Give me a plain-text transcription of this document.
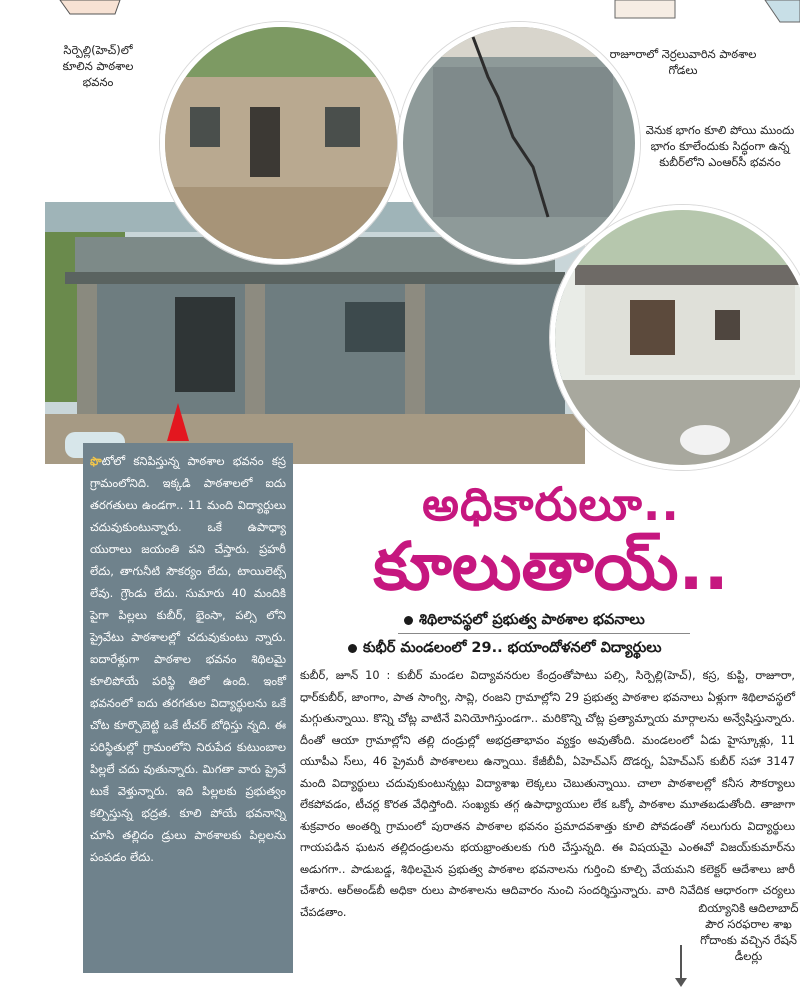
సిర్పెల్లి(హెచ్)లో కూలిన పాఠశాల భవనం
రాజూరాలో నెర్రలువారిన పాఠశాల గోడలు
వెనుక భాగం కూలి పోయి ముందు భాగం కూలేందుకు సిద్ధంగా ఉన్న కుబీర్‌లోని ఎంఆర్‌సీ భవనం
బియ్యానికి ఆదిలాబాద్ పౌర సరఫరాల శాఖ గోదాంకు వచ్చిన రేషన్ డీలర్లు
ఫొటోలో కనిపిస్తున్న పాఠశాల భవనం కస్ర గ్రామంలోనిది. ఇక్కడి పాఠశాలలో ఐదు తరగతులు ఉండగా.. 11 మంది విద్యార్థులు చదువుకుంటున్నారు. ఒకే ఉపాధ్యా యురాలు జయంతి పని చేస్తారు. ప్రహరీ లేదు, తాగునీటి సౌకర్యం లేదు, టాయిలెట్స్ లేవు. గ్రౌండు లేదు. సుమారు 40 మందికి పైగా పిల్లలు కుబీర్, భైంసా, పల్సి లోని ప్రైవేటు పాఠశాలల్లో చదువుకుంటు న్నారు. ఐదారేళ్లుగా పాఠశాల భవనం శిథిలమై కూలిపోయే పరిస్థి తిలో ఉంది. ఇంకో భవనంలో ఐదు తరగతుల విద్యార్థులను ఒకే చోట కూర్చొబెట్టి ఒకే టీచర్ బోధిస్తు న్నది. ఈ పరిస్థితుల్లో గ్రామంలోని నిరుపేద కుటుంబాల పిల్లలే చదు వుతున్నారు. మిగతా వారు ప్రైవే టుకే వెళ్తున్నారు. ఇది పిల్లలకు ప్రభుత్వం కల్పిస్తున్న భద్రత. కూలి పోయే భవనాన్ని చూసి తల్లిదం డ్రులు పాఠశాలకు పిల్లలను పంపడం లేదు.
అధికారులూ..
కూలుతాయ్..
శిథిలావస్థలో ప్రభుత్వ పాఠశాల భవనాలు
కుభీర్ మండలంలో 29.. భయాందోళనలో విద్యార్థులు
కుబీర్, జూన్ 10 : కుబీర్ మండల విద్యావనరుల కేంద్రంతోపాటు పల్సి, సిర్పెల్లి(హెచ్), కస్ర, కుప్టి, రాజూరా, ధార్‌కుబీర్, జాంగాం, పాత సాంగ్వి, సావ్లి, రంజని గ్రామాల్లోని 29 ప్రభుత్వ పాఠశాల భవనాలు ఏళ్లుగా శిథిలావస్థలో మగ్గుతున్నాయి. కొన్ని చోట్ల వాటినే వినియోగిస్తుండగా.. మరికొన్ని చోట్ల ప్రత్యామ్నాయ మార్గాలను అన్వేషిస్తున్నారు. దీంతో ఆయా గ్రామాల్లోని తల్లి దండ్రుల్లో అభద్రతాభావం వ్యక్తం అవుతోంది. మండలంలో ఏడు హైస్కూళ్లు, 11 యూపీఎ స్‌లు, 46 ప్రైమరీ పాఠశాలలు ఉన్నాయి. కేజీబీవీ, ఏహెచ్‌ఎస్ దొడర్న, ఏహెచ్‌ఎస్ కుబీర్ సహా 3147 మంది విద్యార్థులు చదువుకుంటున్నట్లు విద్యాశాఖ లెక్కలు చెబుతున్నాయి. చాలా పాఠశాలల్లో కనీస సౌకర్యాలు లేకపోవడం, టీచర్ల కొరత వేధిస్తోంది. సంఖ్యకు తగ్గ ఉపాధ్యాయుల లేక ఒక్కో పాఠశాల మూతబడుతోంది. తాజాగా శుక్రవారం అంతర్ని గ్రామంలో పురాతన పాఠశాల భవనం ప్రమాదవశాత్తు కూలి పోవడంతో నలుగురు విద్యార్థులు గాయపడిన ఘటన తల్లిదండ్రులను భయభ్రాంతులకు గురి చేస్తున్నది. ఈ విషయమై ఎంఈవో విజయ్‌కుమార్‌ను అడుగగా.. పాడుబడ్డ, శిథిలమైన ప్రభుత్వ పాఠశాల భవనాలను గుర్తించి కూల్చి వేయమని కలెక్టర్ ఆదేశాలు జారీ చేశారు. ఆర్‌అండ్‌బీ అధికా రులు పాఠశాలను ఆదివారం నుంచి సందర్శిస్తున్నారు. వారి నివేదిక ఆధారంగా చర్యలు చేపడతాం.
